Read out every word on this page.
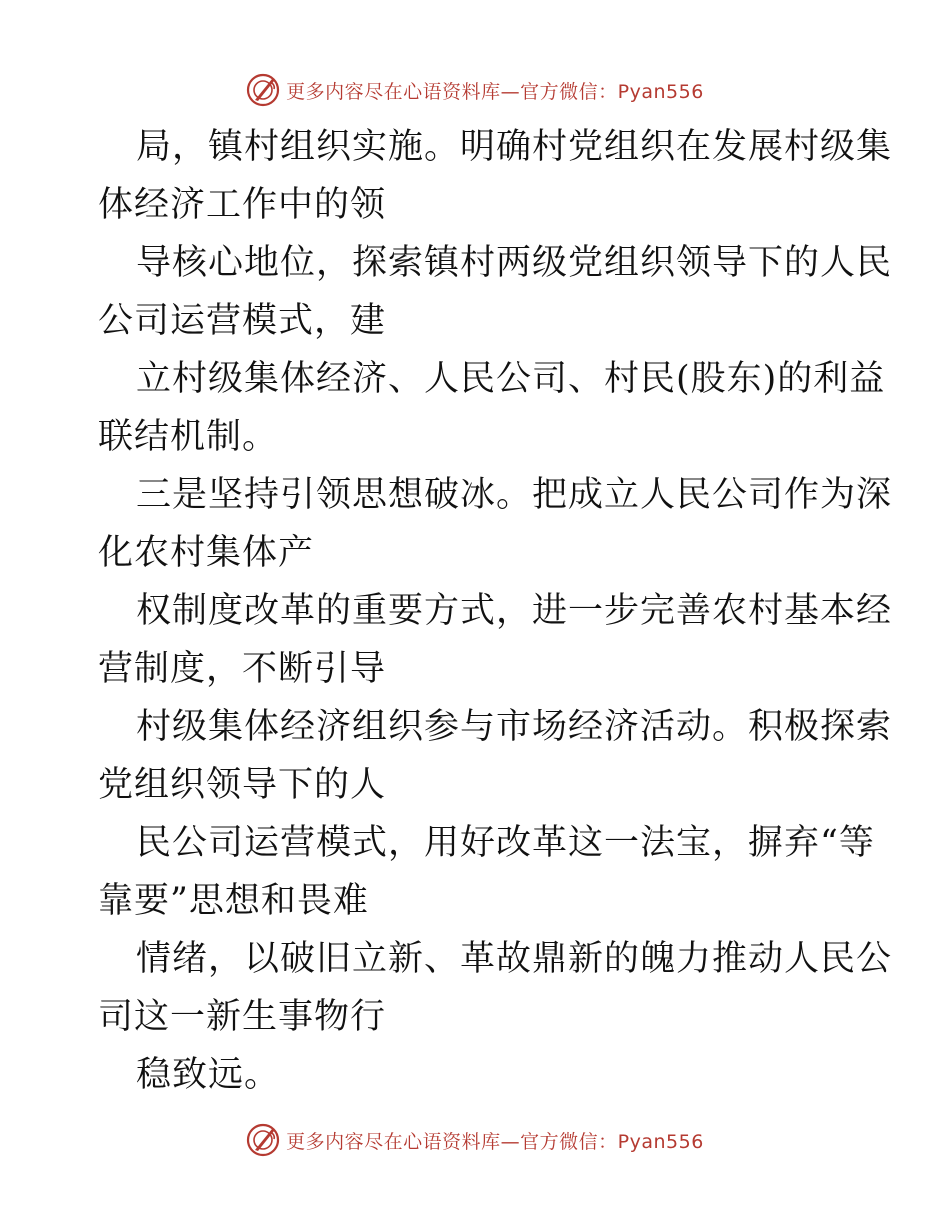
更多内容尽在心语资料库—官方微信：Pyan556
局，镇村组织实施。明确村党组织在发展村级集
体经济工作中的领
导核心地位，探索镇村两级党组织领导下的人民
公司运营模式，建
立村级集体经济、人民公司、村民(股东)的利益
联结机制。
三是坚持引领思想破冰。把成立人民公司作为深
化农村集体产
权制度改革的重要方式，进一步完善农村基本经
营制度，不断引导
村级集体经济组织参与市场经济活动。积极探索
党组织领导下的人
民公司运营模式，用好改革这一法宝，摒弃“等
靠要”思想和畏难
情绪，以破旧立新、革故鼎新的魄力推动人民公
司这一新生事物行
稳致远。
更多内容尽在心语资料库—官方微信：Pyan556
